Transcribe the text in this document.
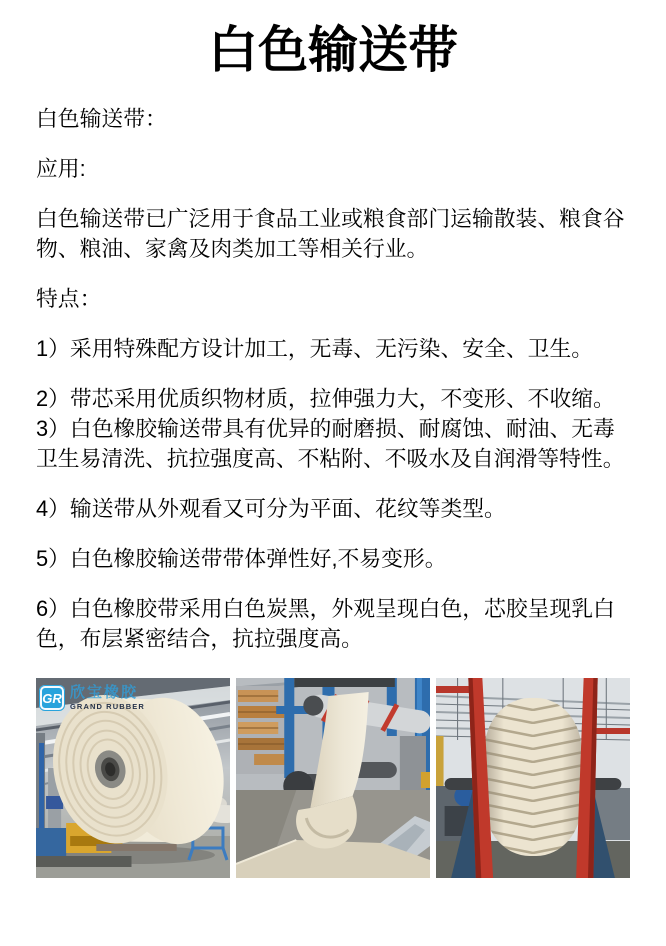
白色输送带

白色输送带：

应用:

白色输送带已广泛用于食品工业或粮食部门运输散装、粮食谷物、粮油、家禽及肉类加工等相关行业。

特点：

1）采用特殊配方设计加工，无毒、无污染、安全、卫生。

2）带芯采用优质织物材质，拉伸强力大，不变形、不收缩。

3）白色橡胶输送带具有优异的耐磨损、耐腐蚀、耐油、无毒卫生易清洗、抗拉强度高、不粘附、不吸水及自润滑等特性。

4）输送带从外观看又可分为平面、花纹等类型。

5）白色橡胶输送带带体弹性好,不易变形。

6）白色橡胶带采用白色炭黑，外观呈现白色，芯胶呈现乳白色，布层紧密结合，抗拉强度高。

GR 欣宝橡胶
GRAND RUBBER
